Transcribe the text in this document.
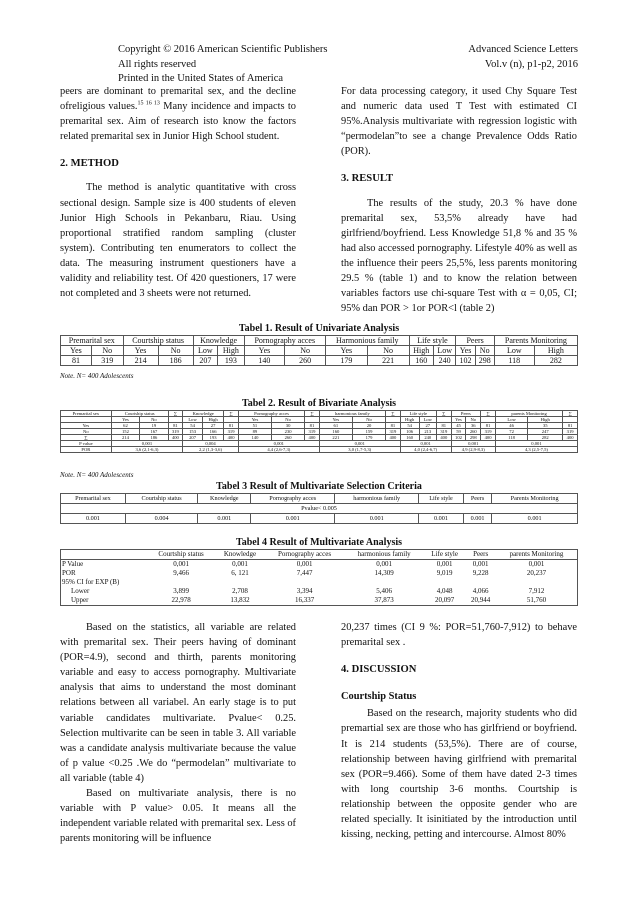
Copyright © 2016 American Scientific Publishers
All rights reserved
Printed in the United States of America
Advanced Science Letters
Vol.v (n), p1-p2, 2016

peers are dominant to premarital sex, and the decline ofreligious values.$^{15 16 13}$ Many incidence and impacts to premarital sex. Aim of research isto know the factors related premarital sex in Junior High School student.

2. METHOD

The method is analytic quantitative with cross sectional design. Sample size is 400 students of eleven Junior High Schools in Pekanbaru, Riau. Using proportional stratified random sampling (cluster system). Contributing ten enumerators to collect the data. The measuring instrument questioners have a validity and reliability test. Of 420 questioners, 17 were not completed and 3 sheets were not returned.

For data processing category, it used Chy Square Test and numeric data used T Test with estimated CI 95%.Analysis multivariate with regression logistic with “permodelan”to see a change Prevalence Odds Ratio (POR).

3. RESULT

The results of the study, 20.3 % have done premarital sex, 53,5% already have had girlfriend/boyfriend. Less Knowledge 51,8 % and 35 % had also accessed pornography. Lifestyle 40% as well as the influence their peers 25,5%, less parents monitoring 29.5 % (table 1) and to know the relation between variables factors use chi-square Test with α = 0,05, CI; 95% dan POR > 1or POR<l (table 2)

Tabel 1. Result of Univariate Analysis
Premarital sex		Courtship status		Knowledge		Pornography acces		Harmonious family		Life style		Peers		Parents Monitoring	
Yes	No	Yes	No	Low	High	Yes	No	Yes	No	High	Low	Yes	No	Low	High
81	319	214	186	207	193	140	260	179	221	160	240	102	298	118	282
Note. N= 400 Adolescents
Tabel 2. Result of Bivariate Analysis
Premarital sex	Courtship status		∑	Knowledge		∑	Pornography acces		∑	harmonious family		∑	Life style		∑	Peers		∑	parents Monitoring		∑
	Yes	No		Low	High		Yes	No		Yes	No		High	Low		Yes	No		Low	High	
Yes	62	19	81	54	27	81	51	30	81	61	20	81	54	27	81	45	36	81	46	35	81
No	152	167	319	153	166	319	89	230	319	160	159	319	106	213	319	59	260	319	72	247	319
∑	214	186	400	207	193	400	140	260	400	221	179	400	160	240	400	102	298	400	118	282	400
P value	0,001			0,004			0,001			0,001			0,001			0,001			0,001		
POR	3,6 (2,1-6,3)			2,2 (1,3-3,6)			4,4 (2,6-7,3)			3,0 (1,7-5,3)			4,0 (2,4-6,7)			4,9 (2,9-8,3)			4,3 (2,5-7,5)		
Note. N= 400 Adolescents
Tabel 3 Result of Multivariate Selection Criteria
Premarital sex	Courtship status	Knowledge	Pornography acces	harmonious family	Life style	Peers	Parents Monitoring
Pvalue< 0.005							
0.001	0.004	0.001	0.001	0.001	0.001	0.001	0.001
Tabel 4 Result of Multivariate Analysis
	Courtship status	Knowledge	Pornography acces	harmonious family	Life style	Peers	parents Monitoring
P Value	0,001	0,001	0,001	0,001	0,001	0,001	0,001
POR	9,466	6, 121	7,447	14,309	9,019	9,228	20,237
95% CI for EXP (B)							
Lower	3,899	2,708	3,394	5,406	4,048	4,066	7,912
Upper	22,978	13,832	16,337	37,873	20,097	20,944	51,760

Based on the statistics, all variable are related with premarital sex. Their peers having of dominant (POR=4.9), second and thirth, parents monitoring variable and easy to access pornography. Multivariate analysis that aims to understand the most dominant relations between all variabel. An early stage is to put variable candidates multivariate. Pvalue< 0.25. Selection multivarite can be seen in table 3. All variable was a candidate analysis multivariate because the value of p value <0.25 .We do “permodelan” multivariate to all variable (table 4)

Based on multivariate analysis, there is no variable with P value> 0.05. It means all the independent variable related with premarital sex. Less of parents monitoring will be influence

20,237 times (CI 9 %: POR=51,760-7,912) to behave premarital sex .

4. DISCUSSION
Courtship Status

Based on the research, majority students who did premartial sex are those who has girlfriend or boyfriend. It is 214 students (53,5%). There are of course, relationship between having girlfriend with premarital sex (POR=9.466). Some of them have dated 2-3 times with long courtship 3-6 months. Courtship is relationship between the opposite gender who are related specially. It isinitiated by the introduction until kissing, necking, petting and intercourse. Almost 80%
